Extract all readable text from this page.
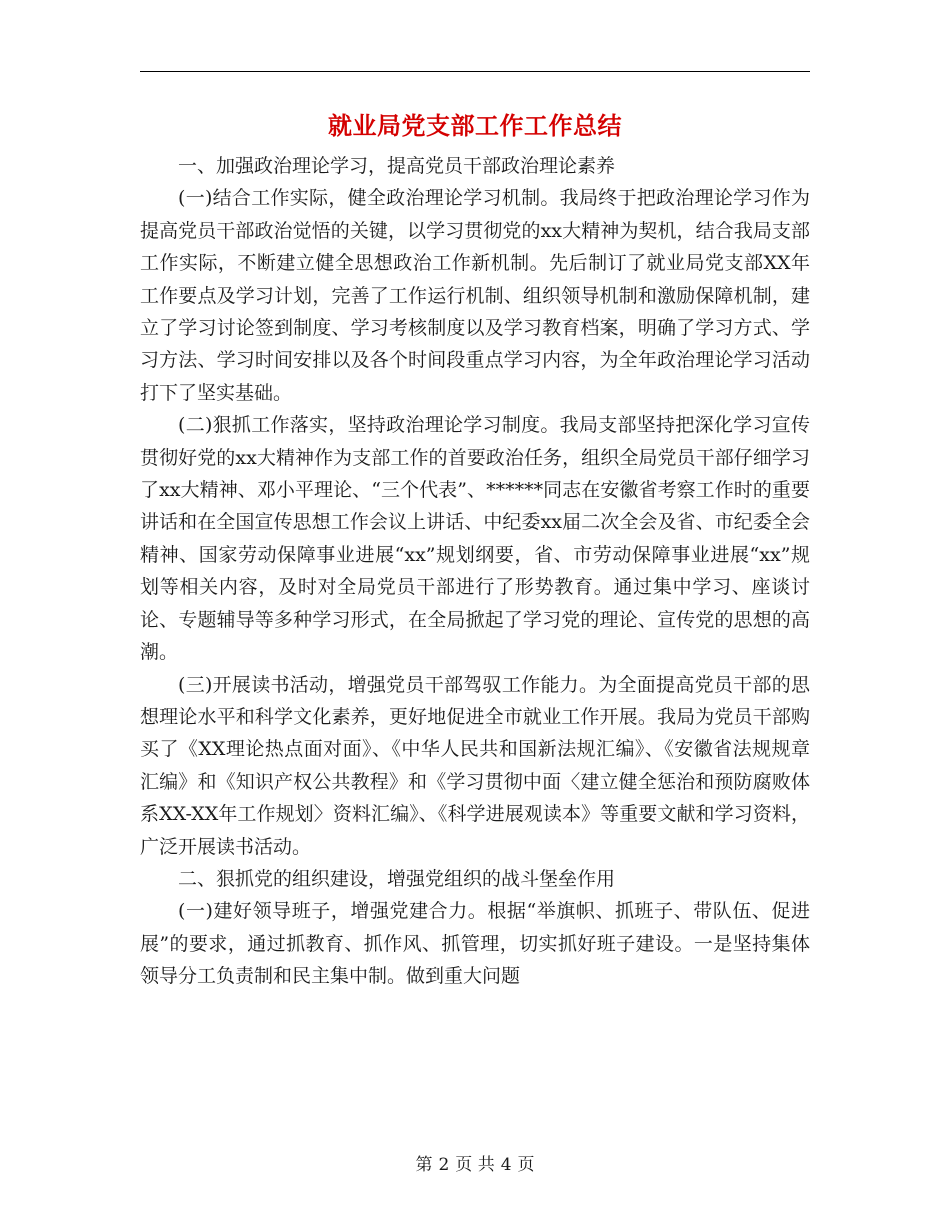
就业局党支部工作工作总结

一、加强政治理论学习，提高党员干部政治理论素养

(一)结合工作实际，健全政治理论学习机制。我局终于把政治理论学习作为提高党员干部政治觉悟的关键，以学习贯彻党的xx大精神为契机，结合我局支部工作实际，不断建立健全思想政治工作新机制。先后制订了就业局党支部XX年工作要点及学习计划，完善了工作运行机制、组织领导机制和激励保障机制，建立了学习讨论签到制度、学习考核制度以及学习教育档案，明确了学习方式、学习方法、学习时间安排以及各个时间段重点学习内容，为全年政治理论学习活动打下了坚实基础。

(二)狠抓工作落实，坚持政治理论学习制度。我局支部坚持把深化学习宣传贯彻好党的xx大精神作为支部工作的首要政治任务，组织全局党员干部仔细学习了xx大精神、邓小平理论、“三个代表”、******同志在安徽省考察工作时的重要讲话和在全国宣传思想工作会议上讲话、中纪委xx届二次全会及省、市纪委全会精神、国家劳动保障事业进展“xx”规划纲要，省、市劳动保障事业进展“xx”规划等相关内容，及时对全局党员干部进行了形势教育。通过集中学习、座谈讨论、专题辅导等多种学习形式，在全局掀起了学习党的理论、宣传党的思想的高潮。

(三)开展读书活动，增强党员干部驾驭工作能力。为全面提高党员干部的思想理论水平和科学文化素养，更好地促进全市就业工作开展。我局为党员干部购买了《XX理论热点面对面》、《中华人民共和国新法规汇编》、《安徽省法规规章汇编》和《知识产权公共教程》和《学习贯彻中面〈建立健全惩治和预防腐败体系XX-XX年工作规划〉资料汇编》、《科学进展观读本》等重要文献和学习资料，广泛开展读书活动。

二、狠抓党的组织建设，增强党组织的战斗堡垒作用

(一)建好领导班子，增强党建合力。根据“举旗帜、抓班子、带队伍、促进展”的要求，通过抓教育、抓作风、抓管理，切实抓好班子建设。一是坚持集体领导分工负责制和民主集中制。做到重大问题

第 2 页 共 4 页
